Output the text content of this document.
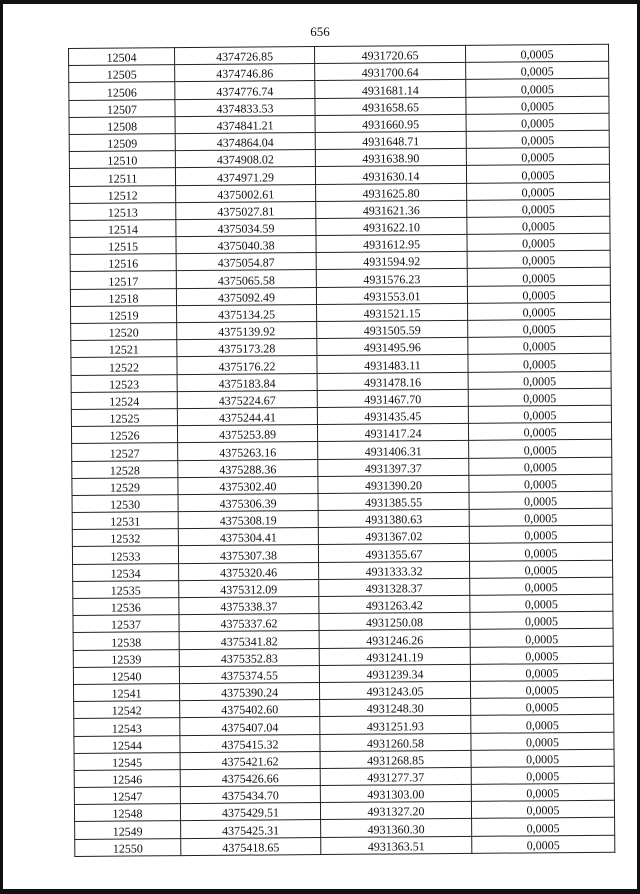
656
12504	4374726.85	4931720.65	0,0005
12505	4374746.86	4931700.64	0,0005
12506	4374776.74	4931681.14	0,0005
12507	4374833.53	4931658.65	0,0005
12508	4374841.21	4931660.95	0,0005
12509	4374864.04	4931648.71	0,0005
12510	4374908.02	4931638.90	0,0005
12511	4374971.29	4931630.14	0,0005
12512	4375002.61	4931625.80	0,0005
12513	4375027.81	4931621.36	0,0005
12514	4375034.59	4931622.10	0,0005
12515	4375040.38	4931612.95	0,0005
12516	4375054.87	4931594.92	0,0005
12517	4375065.58	4931576.23	0,0005
12518	4375092.49	4931553.01	0,0005
12519	4375134.25	4931521.15	0,0005
12520	4375139.92	4931505.59	0,0005
12521	4375173.28	4931495.96	0,0005
12522	4375176.22	4931483.11	0,0005
12523	4375183.84	4931478.16	0,0005
12524	4375224.67	4931467.70	0,0005
12525	4375244.41	4931435.45	0,0005
12526	4375253.89	4931417.24	0,0005
12527	4375263.16	4931406.31	0,0005
12528	4375288.36	4931397.37	0,0005
12529	4375302.40	4931390.20	0,0005
12530	4375306.39	4931385.55	0,0005
12531	4375308.19	4931380.63	0,0005
12532	4375304.41	4931367.02	0,0005
12533	4375307.38	4931355.67	0,0005
12534	4375320.46	4931333.32	0,0005
12535	4375312.09	4931328.37	0,0005
12536	4375338.37	4931263.42	0,0005
12537	4375337.62	4931250.08	0,0005
12538	4375341.82	4931246.26	0,0005
12539	4375352.83	4931241.19	0,0005
12540	4375374.55	4931239.34	0,0005
12541	4375390.24	4931243.05	0,0005
12542	4375402.60	4931248.30	0,0005
12543	4375407.04	4931251.93	0,0005
12544	4375415.32	4931260.58	0,0005
12545	4375421.62	4931268.85	0,0005
12546	4375426.66	4931277.37	0,0005
12547	4375434.70	4931303.00	0,0005
12548	4375429.51	4931327.20	0,0005
12549	4375425.31	4931360.30	0,0005
12550	4375418.65	4931363.51	0,0005
